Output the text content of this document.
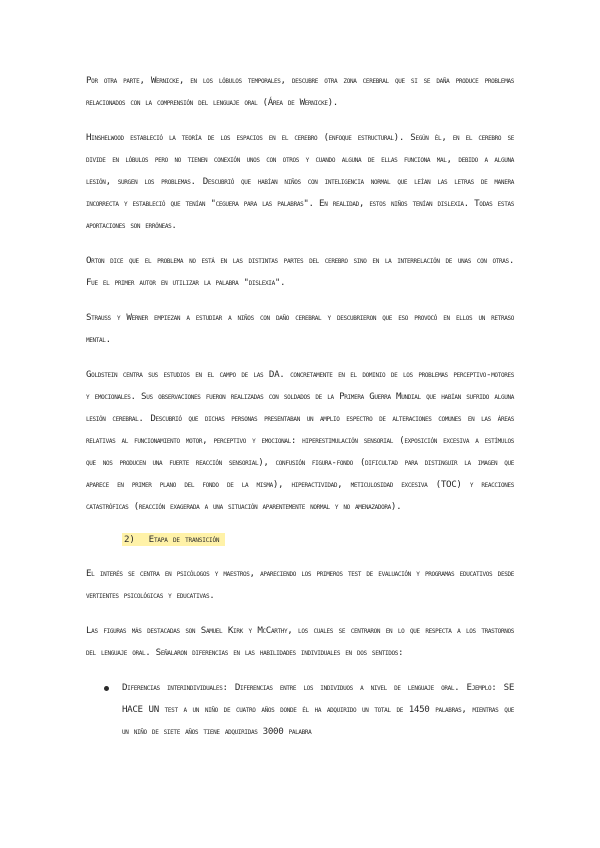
Por otra parte, Wernicke, en los lóbulos temporales, descubre otra zona cerebral que si se daña produce problemas relacionados con la comprensión del lenguaje oral (Área de Wernicke).

Hinshelwood estableció la teoría de los espacios en el cerebro (enfoque estructural). Según él, en el cerebro se divide en lóbulos pero no tienen conexión unos con otros y cuando alguna de ellas funciona mal, debido a alguna lesión, surgen los problemas. Descubrió que habían niños con inteligencia normal que leían las letras de manera incorrecta y estableció que tenían "ceguera para las palabras". En realidad, estos niños tenían dislexia. Todas estas aportaciones son erróneas.

Orton dice que el problema no está en las distintas partes del cerebro sino en la interrelación de unas con otras. Fue el primer autor en utilizar la palabra "dislexia".

Strauss y Werner empiezan a estudiar a niños con daño cerebral y descubrieron que eso provocó en ellos un retraso mental.

Goldstein centra sus estudios en el campo de las DA. concretamente en el dominio de los problemas perceptivo-motores y emocionales. Sus observaciones fueron realizadas con soldados de la Primera Guerra Mundial que habían sufrido alguna lesión cerebral. Descubrió que dichas personas presentaban un amplio espectro de alteraciones comunes en las áreas relativas al funcionamiento motor, perceptivo y emocional: hiperestimulación sensorial (exposición excesiva a estímulos que nos producen una fuerte reacción sensorial), confusión figura-fondo (dificultad para distinguir la imagen que aparece en primer plano del fondo de la misma), hiperactividad, meticulosidad excesiva (TOC) y reacciones catastróficas (reacción exagerada a una situación aparentemente normal y no amenazadora).

2) Etapa de transición

El interés se centra en psicólogos y maestros, apareciendo los primeros test de evaluación y programas educativos desde vertientes psicológicas y educativas.

Las figuras más destacadas son Samuel Kirk y McCarthy, los cuales se centraron en lo que respecta a los trastornos del lenguaje oral. Señalaron diferencias en las habilidades individuales en dos sentidos:

Diferencias interindividuales: Diferencias entre los individuos a nivel de lenguaje oral. Ejemplo: SE HACE UN test a un niño de cuatro años donde él ha adquirido un total de 1450 palabras, mientras que un niño de siete años tiene adquiridas 3000 palabra
